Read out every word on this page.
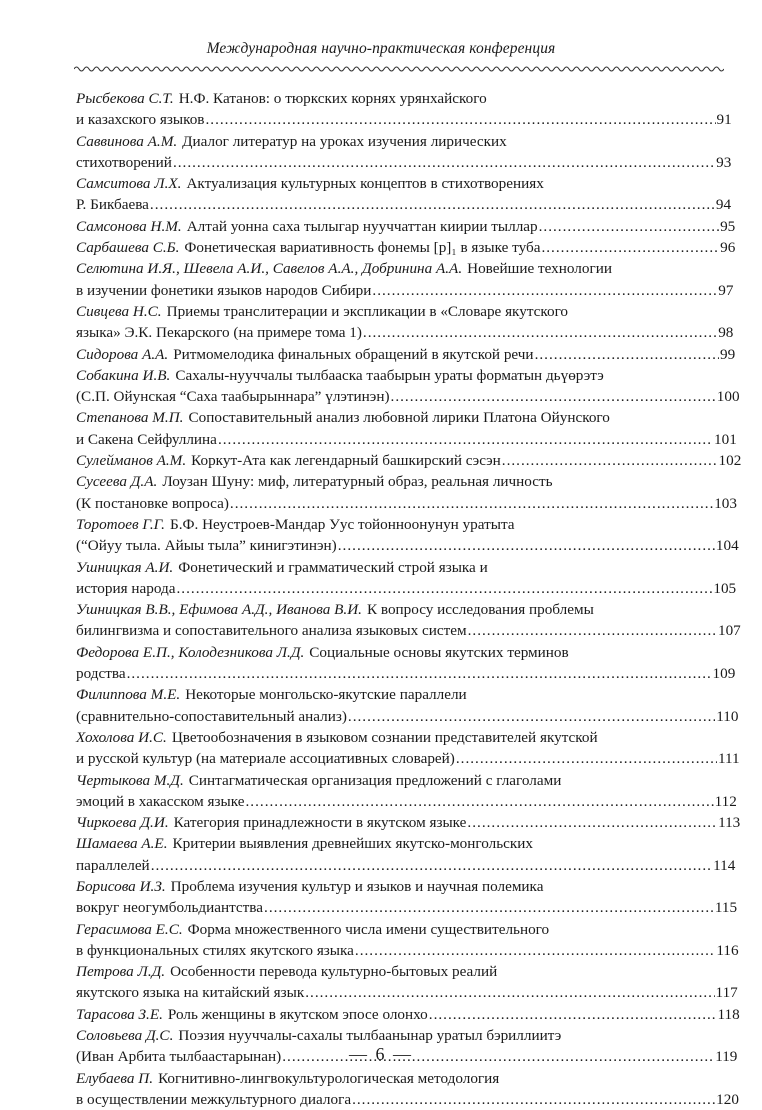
Международная научно-практическая конференция
Рысбекова С.Т. Н.Ф. Катанов: о тюркских корнях урянхайского
и казахского языков .....	91
Саввинова А.М. Диалог литератур на уроках изучения лирических
стихотворений .....	93
Самситова Л.Х. Актуализация культурных концептов в стихотворениях
Р. Бикбаева .....	94
Самсонова Н.М. Алтай уонна саха тылыгар нууччаттан киирии тыллар .....	95
Сарбашева С.Б. Фонетическая вариативность фонемы [р]₁ в языке туба .....	96
Селютина И.Я., Шевела А.И., Савелов А.А., Добринина А.А. Новейшие технологии
в изучении фонетики языков народов Сибири .....	97
Сивцева Н.С. Приемы транслитерации и экспликации в «Словаре якутского
языка» Э.К. Пекарского (на примере тома 1) .....	98
Сидорова А.А. Ритмомелодика финальных обращений в якутской речи .....	99
Собакина И.В. Сахалы-нууччалы тылбааска таабырын ураты форматын дьүөрэтэ
(С.П. Ойунская “Саха таабырыннара” үлэтинэн) .....	100
Степанова М.П. Сопоставительный анализ любовной лирики Платона Ойунского
и Сакена Сейфуллина .....	101
Сулейманов А.М. Коркут-Ата как легендарный башкирский сэсэн .....	102
Сусеева Д.А. Лоузан Шуну: миф, литературный образ, реальная личность
(К постановке вопроса) .....	103
Торотоев Г.Г. Б.Ф. Неустроев-Мандар Уус тойонноонунун уратыта
(“Ойуу тыла. Айыы тыла” кинигэтинэн) .....	104
Ушницкая А.И. Фонетический и грамматический строй языка и
история народа .....	105
Ушницкая В.В., Ефимова А.Д., Иванова В.И. К вопросу исследования проблемы
билингвизма и сопоставительного анализа языковых систем .....	107
Федорова Е.П., Колодезникова Л.Д. Социальные основы якутских терминов
родства .....	109
Филиппова М.Е. Некоторые монгольско-якутские параллели
(сравнительно-сопоставительный анализ) .....	110
Хохолова И.С. Цветообозначения в языковом сознании представителей якутской
и русской культур (на материале ассоциативных словарей) .....	111
Чертыкова М.Д. Синтагматическая организация предложений с глаголами
эмоций в хакасском языке .....	112
Чиркоева Д.И. Категория принадлежности в якутском языке .....	113
Шамаева А.Е. Критерии выявления древнейших якутско-монгольских
параллелей .....	114
Борисова И.З. Проблема изучения культур и языков и научная полемика
вокруг неогумбольдиантства .....	115
Герасимова Е.С. Форма множественного числа имени существительного
в функциональных стилях якутского языка .....	116
Петрова Л.Д. Особенности перевода культурно-бытовых реалий
якутского языка на китайский язык .....	117
Тарасова З.Е. Роль женщины в якутском эпосе олонхо .....	118
Соловьева Д.С. Поэзия нууччалы-сахалы тылбаанынар уратыл бэриллиитэ
(Иван Арбита тылбаастарынан) .....	119
Елубаева П. Когнитивно-лингвокультурологическая методология
в осуществлении межкультурного диалога .....	120
— 6 —
